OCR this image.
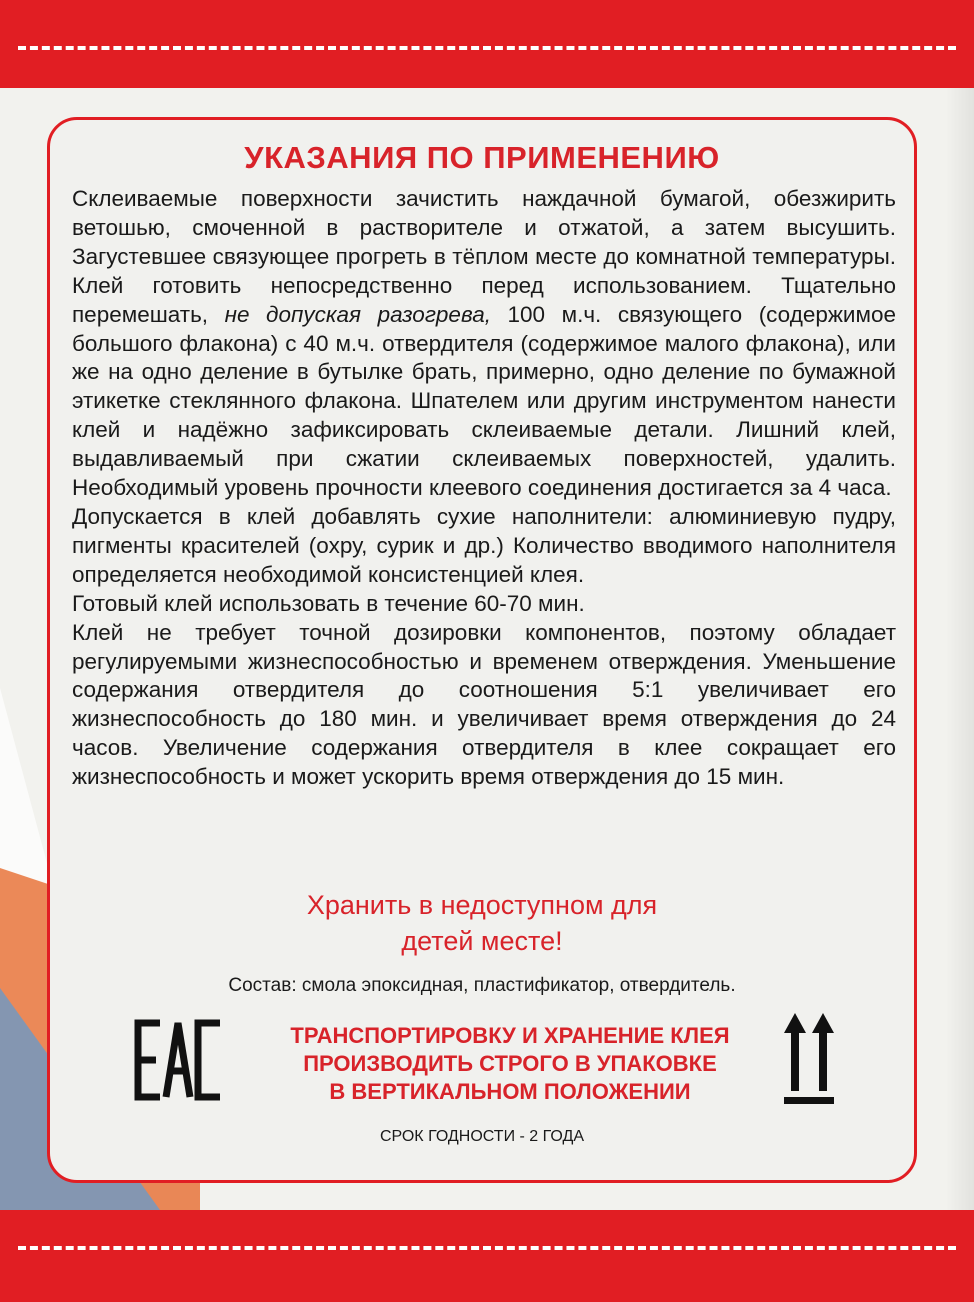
УКАЗАНИЯ ПО ПРИМЕНЕНИЮ

Склеиваемые поверхности зачистить наждачной бумагой, обезжирить ветошью, смоченной в растворителе и отжатой, а затем высушить. Загустевшее связующее прогреть в тёплом месте до комнатной температуры. Клей готовить непосредственно перед использованием. Тщательно перемешать, не допуская разогрева, 100 м.ч. связующего (содержимое большого флакона) с 40 м.ч. отвердителя (содержимое малого флакона), или же на одно деление в бутылке брать, примерно, одно деление по бумажной этикетке стеклянного флакона. Шпателем или другим инструментом нанести клей и надёжно зафиксировать склеиваемые детали. Лишний клей, выдавливаемый при сжатии склеиваемых поверхностей, удалить. Необходимый уровень прочности клеевого соединения достигается за 4 часа.

Допускается в клей добавлять сухие наполнители: алюминиевую пудру, пигменты красителей (охру, сурик и др.) Количество вводимого наполнителя определяется необходимой консистенцией клея.

Готовый клей использовать в течение 60-70 мин.

Клей не требует точной дозировки компонентов, поэтому обладает регулируемыми жизнеспособностью и временем отверждения. Уменьшение содержания отвердителя до соотношения 5:1 увеличивает его жизнеспособность до 180 мин. и увеличивает время отверждения до 24 часов. Увеличение содержания отвердителя в клее сокращает его жизнеспособность и может ускорить время отверждения до 15 мин.

Хранить в недоступном для
детей месте!
Состав: смола эпоксидная, пластификатор, отвердитель.
ТРАНСПОРТИРОВКУ И ХРАНЕНИЕ КЛЕЯ
ПРОИЗВОДИТЬ СТРОГО В УПАКОВКЕ
В ВЕРТИКАЛЬНОМ ПОЛОЖЕНИИ
СРОК ГОДНОСТИ - 2 ГОДА
